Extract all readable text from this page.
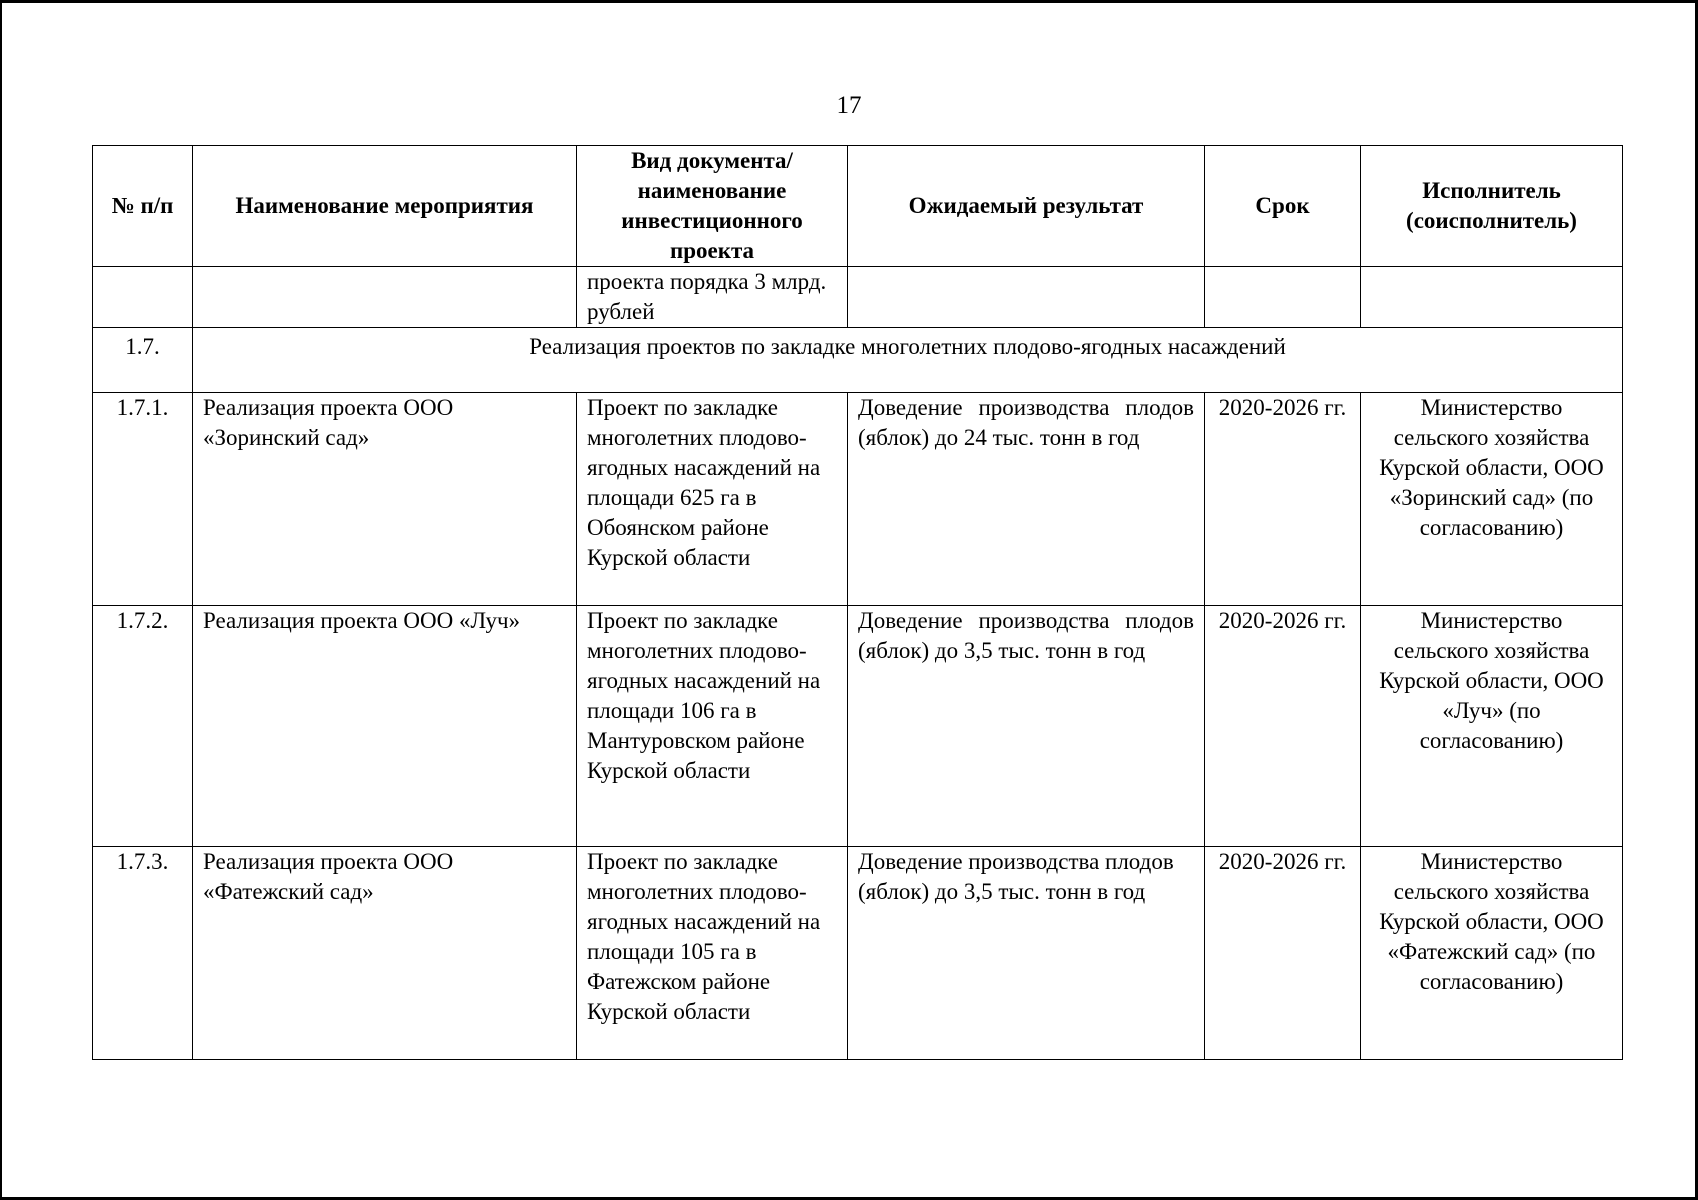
17
№ п/п	Наименование мероприятия	Вид документа/ наименование инвестиционного проекта	Ожидаемый результат	Срок	Исполнитель (соисполнитель)
		проекта порядка 3 млрд. рублей			
1.7.	Реализация проектов по закладке многолетних плодово-ягодных насаждений				
1.7.1.	Реализация проекта ООО «Зоринский сад»	Проект по закладке многолетних плодово-ягодных насаждений на площади 625 га в Обоянском районе Курской области	Доведение производства плодов (яблок) до 24 тыс. тонн в год	2020-2026 гг.	Министерство сельского хозяйства Курской области, ООО «Зоринский сад» (по согласованию)
1.7.2.	Реализация проекта ООО «Луч»	Проект по закладке многолетних плодово-ягодных насаждений на площади 106 га в Мантуровском районе Курской области	Доведение производства плодов (яблок) до 3,5 тыс. тонн в год	2020-2026 гг.	Министерство сельского хозяйства Курской области, ООО «Луч» (по согласованию)
1.7.3.	Реализация проекта ООО «Фатежский сад»	Проект по закладке многолетних плодово-ягодных насаждений на площади 105 га в Фатежском районе Курской области	Доведение производства плодов (яблок) до 3,5 тыс. тонн в год	2020-2026 гг.	Министерство сельского хозяйства Курской области, ООО «Фатежский сад» (по согласованию)
